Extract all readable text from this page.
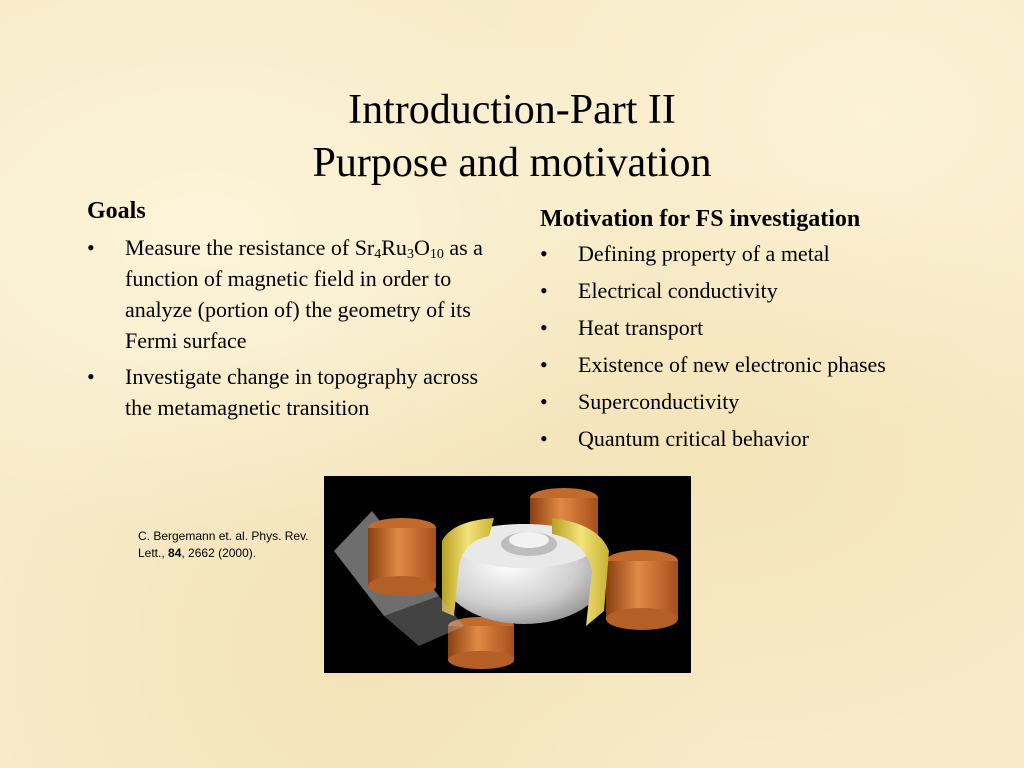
Introduction-Part II
Purpose and motivation
Goals
• Measure the resistance of $Sr_4Ru_3O_{10}$ as a function of magnetic field in order to analyze (portion of) the geometry of its Fermi surface
• Investigate change in topography across the metamagnetic transition
Motivation for FS investigation
• Defining property of a metal
• Electrical conductivity
• Heat transport
• Existence of new electronic phases
• Superconductivity
• Quantum critical behavior
C. Bergemann et. al. Phys. Rev. Lett., 84, 2662 (2000).
